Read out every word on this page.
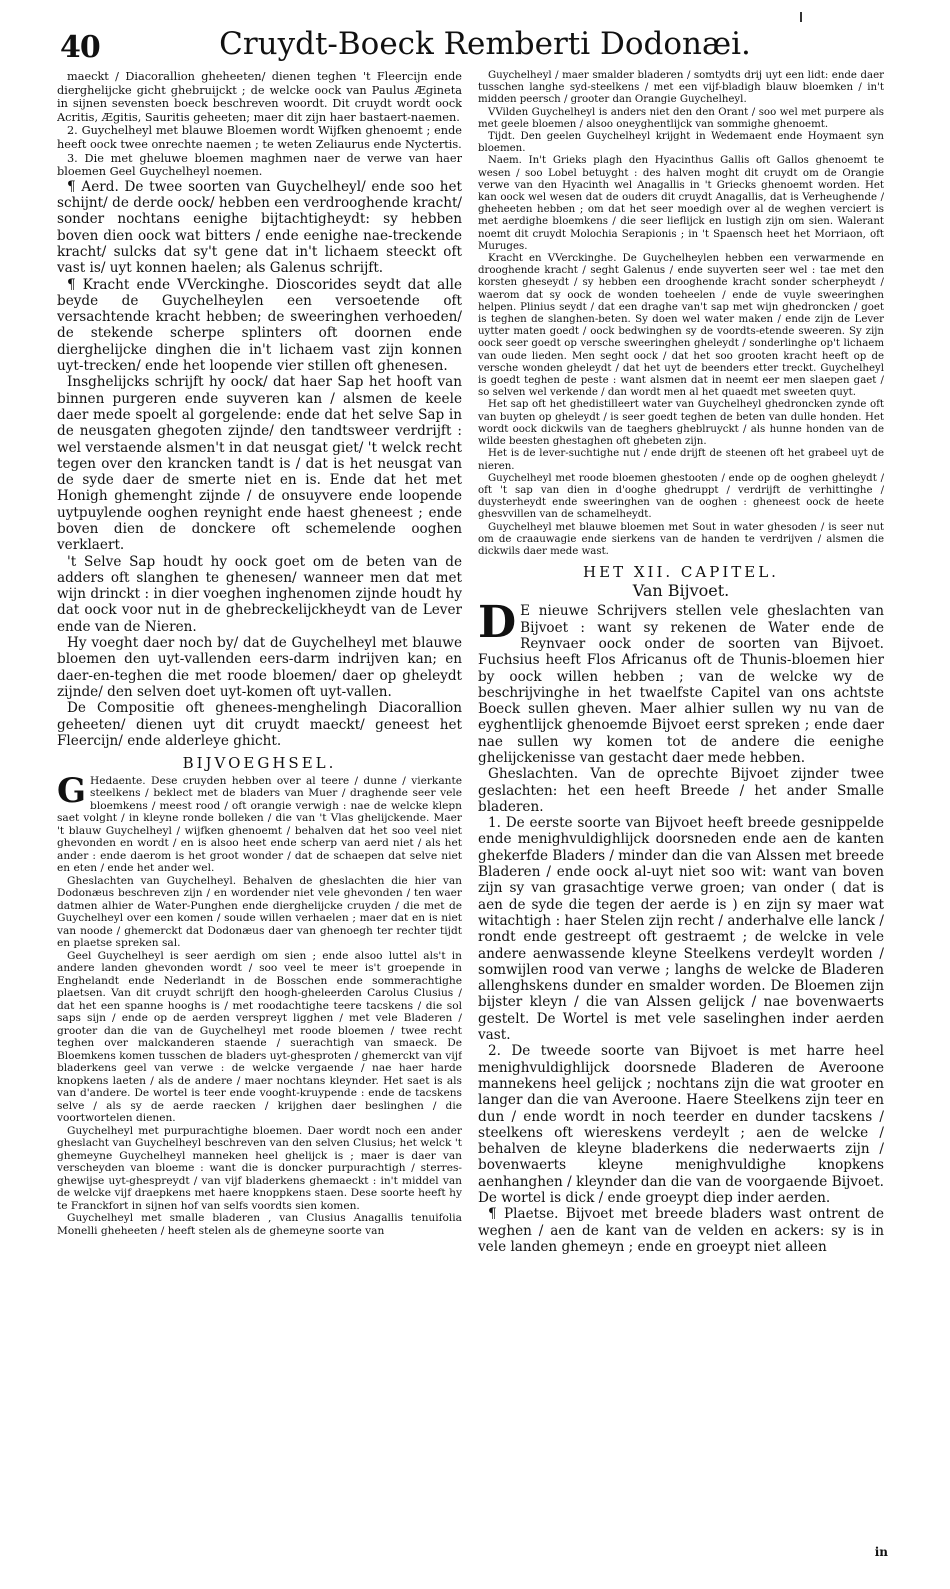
40	Cruydt-Boeck Remberti Dodonæi.

maeckt / Diacorallion gheheeten/ dienen teghen 't Fleercijn ende dierghelijcke gicht ghebruijckt ; de welcke oock van Paulus Ægineta in sijnen sevensten boeck beschreven woordt. Dit cruydt wordt oock Acritis, Ægitis, Sauritis geheeten; maer dit zijn haer bastaert-naemen.

2. Guychelheyl met blauwe Bloemen wordt Wijfken ghenoemt ; ende heeft oock twee onrechte naemen ; te weten Zeliaurus ende Nyctertis.

3. Die met gheluwe bloemen maghmen naer de verwe van haer bloemen Geel Guychelheyl noemen.

¶ Aerd. De twee soorten van Guychelheyl/ ende soo het schijnt/ de derde oock/ hebben een verdrooghende kracht/ sonder nochtans eenighe bijtachtigheydt: sy hebben boven dien oock wat bitters / ende eenighe nae-treckende kracht/ sulcks dat sy't gene dat in't lichaem steeckt oft vast is/ uyt konnen haelen; als Galenus schrijft.

¶ Kracht ende VVerckinghe. Dioscorides seydt dat alle beyde de Guychelheylen een versoetende oft versachtende kracht hebben; de sweeringhen verhoeden/ de stekende scherpe splinters oft doornen ende dierghelijcke dinghen die in't lichaem vast zijn konnen uyt-trecken/ ende het loopende vier stillen oft ghenesen.

Insghelijcks schrijft hy oock/ dat haer Sap het hooft van binnen purgeren ende suyveren kan / alsmen de keele daer mede spoelt al gorgelende: ende dat het selve Sap in de neusgaten ghegoten zijnde/ den tandtsweer verdrijft : wel verstaende alsmen't in dat neusgat giet/ 't welck recht tegen over den krancken tandt is / dat is het neusgat van de syde daer de smerte niet en is. Ende dat het met Honigh ghemenght zijnde / de onsuyvere ende loopende uytpuylende ooghen reynight ende haest gheneest ; ende boven dien de donckere oft schemelende ooghen verklaert.

't Selve Sap houdt hy oock goet om de beten van de adders oft slanghen te ghenesen/ wanneer men dat met wijn drinckt : in dier voeghen inghenomen zijnde houdt hy dat oock voor nut in de ghebreckelijckheydt van de Lever ende van de Nieren.

Hy voeght daer noch by/ dat de Guychelheyl met blauwe bloemen den uyt-vallenden eers-darm indrijven kan; en daer-en-teghen die met roode bloemen/ daer op gheleydt zijnde/ den selven doet uyt-komen oft uyt-vallen.

De Compositie oft ghenees-menghelingh Diacorallion geheeten/ dienen uyt dit cruydt maeckt/ geneest het Fleercijn/ ende alderleye ghicht.

BIJVOEGHSEL.

G Hedaente. Dese cruyden hebben over al teere / dunne / vierkante steelkens / beklect met de bladers van Muer / draghende seer vele bloemkens / meest rood / oft orangie verwigh : nae de welcke klepn saet volght / in kleyne ronde bolleken / die van 't Vlas ghelijckende. Maer 't blauw Guychelheyl / wijfken ghenoemt / behalven dat het soo veel niet ghevonden en wordt / en is alsoo heet ende scherp van aerd niet / als het ander : ende daerom is het groot wonder / dat de schaepen dat selve niet en eten / ende het ander wel.

Gheslachten van Guychelheyl. Behalven de gheslachten die hier van Dodonæus beschreven zijn / en wordender niet vele ghevonden / ten waer datmen alhier de Water-Punghen ende dierghelijcke cruyden / die met de Guychelheyl over een komen / soude willen verhaelen ; maer dat en is niet van noode / ghemerckt dat Dodonæus daer van ghenoegh ter rechter tijdt en plaetse spreken sal.

Geel Guychelheyl is seer aerdigh om sien ; ende alsoo luttel als't in andere landen ghevonden wordt / soo veel te meer is't groepende in Enghelandt ende Nederlandt in de Bosschen ende sommerachtighe plaetsen. Van dit cruydt schrijft den hoogh-gheleerden Carolus Clusius / dat het een spanne hooghs is / met roodachtighe teere tacskens / die sol saps sijn / ende op de aerden verspreyt ligghen / met vele Bladeren / grooter dan die van de Guychelheyl met roode bloemen / twee recht teghen over malckanderen staende / suerachtigh van smaeck. De Bloemkens komen tusschen de bladers uyt-ghesproten / ghemerckt van vijf bladerkens geel van verwe : de welcke vergaende / nae haer harde knopkens laeten / als de andere / maer nochtans kleynder. Het saet is als van d'andere. De wortel is teer ende vooght-kruypende : ende de tacskens selve / als sy de aerde raecken / krijghen daer beslinghen / die voortwortelen dienen.

Guychelheyl met purpurachtighe bloemen. Daer wordt noch een ander gheslacht van Guychelheyl beschreven van den selven Clusius; het welck 't ghemeyne Guychelheyl manneken heel ghelijck is ; maer is daer van verscheyden van bloeme : want die is doncker purpurachtigh / sterres-ghewijse uyt-ghespreydt / van vijf bladerkens ghemaeckt : in't middel van de welcke vijf draepkens met haere knoppkens staen. Dese soorte heeft hy te Franckfort in sijnen hof van selfs voordts sien komen.

Guychelheyl met smalle bladeren , van Clusius Anagallis tenuifolia Monelli gheheeten / heeft stelen als de ghemeyne soorte van

Guychelheyl / maer smalder bladeren / somtydts drij uyt een lidt: ende daer tusschen langhe syd-steelkens / met een vijf-bladigh blauw bloemken / in't midden peersch / grooter dan Orangie Guychelheyl.

VVilden Guychelheyl is anders niet den den Orant / soo wel met purpere als met geele bloemen / alsoo oneyghentlijck van sommighe ghenoemt.

Tijdt. Den geelen Guychelheyl krijght in Wedemaent ende Hoymaent syn bloemen.

Naem. In't Grieks plagh den Hyacinthus Gallis oft Gallos ghenoemt te wesen / soo Lobel betuyght : des halven moght dit cruydt om de Orangie verwe van den Hyacinth wel Anagallis in 't Griecks ghenoemt worden. Het kan oock wel wesen dat de ouders dit cruydt Anagallis, dat is Verheughende / gheheeten hebben ; om dat het seer moedigh over al de weghen verciert is met aerdighe bloemkens / die seer lieflijck en lustigh zijn om sien. Walerant noemt dit cruydt Molochia Serapionis ; in 't Spaensch heet het Morriaon, oft Muruges.

Kracht en VVerckinghe. De Guychelheylen hebben een verwarmende en drooghende kracht / seght Galenus / ende suyverten seer wel : tae met den korsten gheseydt / sy hebben een drooghende kracht sonder scherpheydt / waerom dat sy oock de wonden toeheelen / ende de vuyle sweeringhen helpen. Plinius seydt / dat een draghe van't sap met wijn ghedroncken / goet is teghen de slanghen-beten. Sy doen wel water maken / ende zijn de Lever uytter maten goedt / oock bedwinghen sy de voordts-etende sweeren. Sy zijn oock seer goedt op versche sweeringhen gheleydt / sonderlinghe op't lichaem van oude lieden. Men seght oock / dat het soo grooten kracht heeft op de versche wonden gheleydt / dat het uyt de beenders etter treckt. Guychelheyl is goedt teghen de peste : want alsmen dat in neemt eer men slaepen gaet / so selven wel verkende / dan wordt men al het quaedt met sweeten quyt.

Het sap oft het ghedistilleert water van Guychelheyl ghedroncken zynde oft van buyten op gheleydt / is seer goedt teghen de beten van dulle honden. Het wordt oock dickwils van de taeghers gheblruyckt / als hunne honden van de wilde beesten ghestaghen oft ghebeten zijn.

Het is de lever-suchtighe nut / ende drijft de steenen oft het grabeel uyt de nieren.

Guychelheyl met roode bloemen ghestooten / ende op de ooghen gheleydt / oft 't sap van dien in d'ooghe ghedruppt / verdrijft de verhittinghe / duysterheydt ende sweeringhen van de ooghen : gheneest oock de heete ghesvvillen van de schamelheydt.

Guychelheyl met blauwe bloemen met Sout in water ghesoden / is seer nut om de craauwagie ende sierkens van de handen te verdrijven / alsmen die dickwils daer mede wast.

HET XII. CAPITEL.
Van Bijvoet.

D E nieuwe Schrijvers stellen vele gheslachten van Bijvoet : want sy rekenen de Water ende de Reynvaer oock onder de soorten van Bijvoet. Fuchsius heeft Flos Africanus oft de Thunis-bloemen hier by oock willen hebben ; van de welcke wy de beschrijvinghe in het twaelfste Capitel van ons achtste Boeck sullen gheven. Maer alhier sullen wy nu van de eyghentlijck ghenoemde Bijvoet eerst spreken ; ende daer nae sullen wy komen tot de andere die eenighe ghelijckenisse van gestacht daer mede hebben.

Gheslachten. Van de oprechte Bijvoet zijnder twee geslachten: het een heeft Breede / het ander Smalle bladeren.

1. De eerste soorte van Bijvoet heeft breede gesnippelde ende menighvuldighlijck doorsneden ende aen de kanten ghekerfde Bladers / minder dan die van Alssen met breede Bladeren / ende oock al-uyt niet soo wit: want van boven zijn sy van grasachtige verwe groen; van onder ( dat is aen de syde die tegen der aerde is ) en zijn sy maer wat witachtigh : haer Stelen zijn recht / anderhalve elle lanck / rondt ende gestreept oft gestraemt ; de welcke in vele andere aenwassende kleyne Steelkens verdeylt worden / somwijlen rood van verwe ; langhs de welcke de Bladeren allenghskens dunder en smalder worden. De Bloemen zijn bijster kleyn / die van Alssen gelijck / nae bovenwaerts gestelt. De Wortel is met vele saselinghen inder aerden vast.

2. De tweede soorte van Bijvoet is met harre heel menighvuldighlijck doorsnede Bladeren de Averoone mannekens heel gelijck ; nochtans zijn die wat grooter en langer dan die van Averoone. Haere Steelkens zijn teer en dun / ende wordt in noch teerder en dunder tacskens / steelkens oft wiereskens verdeylt ; aen de welcke / behalven de kleyne bladerkens die nederwaerts zijn / bovenwaerts kleyne menighvuldighe knopkens aenhanghen / kleynder dan die van de voorgaende Bijvoet. De wortel is dick / ende groeypt diep inder aerden.

¶ Plaetse. Bijvoet met breede bladers wast ontrent de weghen / aen de kant van de velden en ackers: sy is in vele landen ghemeyn ; ende en groeypt niet alleen

in
